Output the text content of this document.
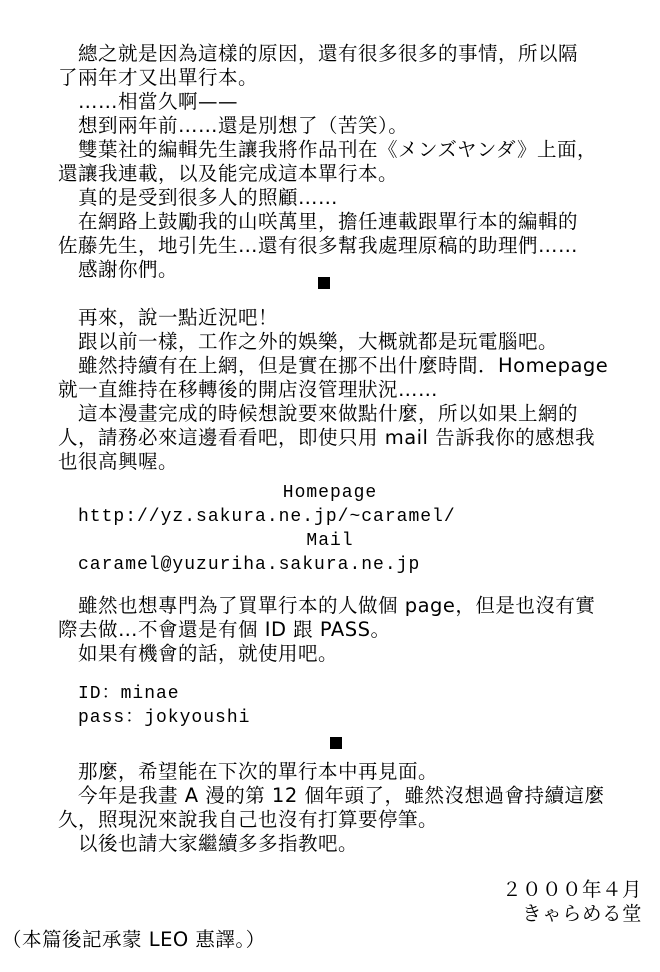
總之就是因為這樣的原因，還有很多很多的事情，所以隔
了兩年才又出單行本。
……相當久啊——
想到兩年前……還是別想了（苦笑）。
雙葉社的編輯先生讓我將作品刊在《メンズヤンダ》上面，
還讓我連載，以及能完成這本單行本。
真的是受到很多人的照顧……
在網路上鼓勵我的山咲萬里，擔任連載跟單行本的編輯的
佐藤先生，地引先生…還有很多幫我處理原稿的助理們……
感謝你們。
再來，說一點近況吧！
跟以前一樣，工作之外的娛樂，大概就都是玩電腦吧。
雖然持續有在上網，但是實在挪不出什麼時間．Homepage
就一直維持在移轉後的開店沒管理狀況……
這本漫畫完成的時候想說要來做點什麼，所以如果上網的
人，請務必來這邊看看吧，即使只用 mail 告訴我你的感想我
也很高興喔。
Homepage
http://yz.sakura.ne.jp/~caramel/
Mail
caramel@yuzuriha.sakura.ne.jp
雖然也想專門為了買單行本的人做個 page，但是也沒有實
際去做…不會還是有個 ID 跟 PASS。
如果有機會的話，就使用吧。
ID：minae
pass：jokyoushi
那麼，希望能在下次的單行本中再見面。
今年是我畫 A 漫的第 12 個年頭了，雖然沒想過會持續這麼
久，照現況來說我自己也沒有打算要停筆。
以後也請大家繼續多多指教吧。
２０００年４月
きゃらめる堂
（本篇後記承蒙 LEO 惠譯。）
